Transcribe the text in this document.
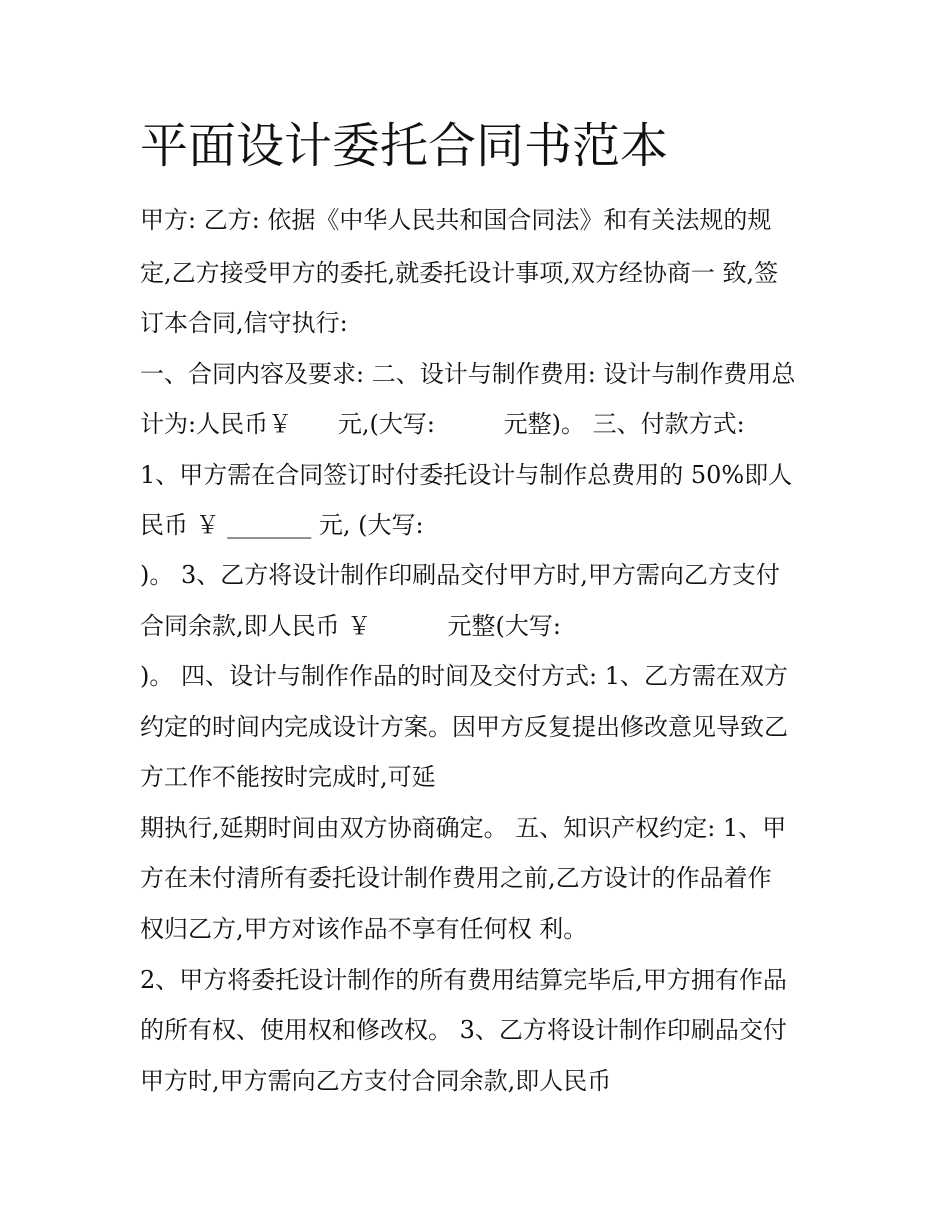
平面设计委托合同书范本

甲方: 乙方: 依据《中华人民共和国合同法》和有关法规的规

定,乙方接受甲方的委托,就委托设计事项,双方经协商一 致,签

订本合同,信守执行:

一、合同内容及要求: 二、设计与制作费用: 设计与制作费用总

计为:人民币￥      元,(大写:         元整)。 三、付款方式:

1、甲方需在合同签订时付委托设计与制作总费用的 50%即人

民币 ￥ _______ 元, (大写:

)。 3、乙方将设计制作印刷品交付甲方时,甲方需向乙方支付

合同余款,即人民币 ￥          元整(大写:

)。 四、设计与制作作品的时间及交付方式: 1、乙方需在双方

约定的时间内完成设计方案。因甲方反复提出修改意见导致乙

方工作不能按时完成时,可延

期执行,延期时间由双方协商确定。 五、知识产权约定: 1、甲

方在未付清所有委托设计制作费用之前,乙方设计的作品着作

权归乙方,甲方对该作品不享有任何权 利。

2、甲方将委托设计制作的所有费用结算完毕后,甲方拥有作品

的所有权、使用权和修改权。 3、乙方将设计制作印刷品交付

甲方时,甲方需向乙方支付合同余款,即人民币
